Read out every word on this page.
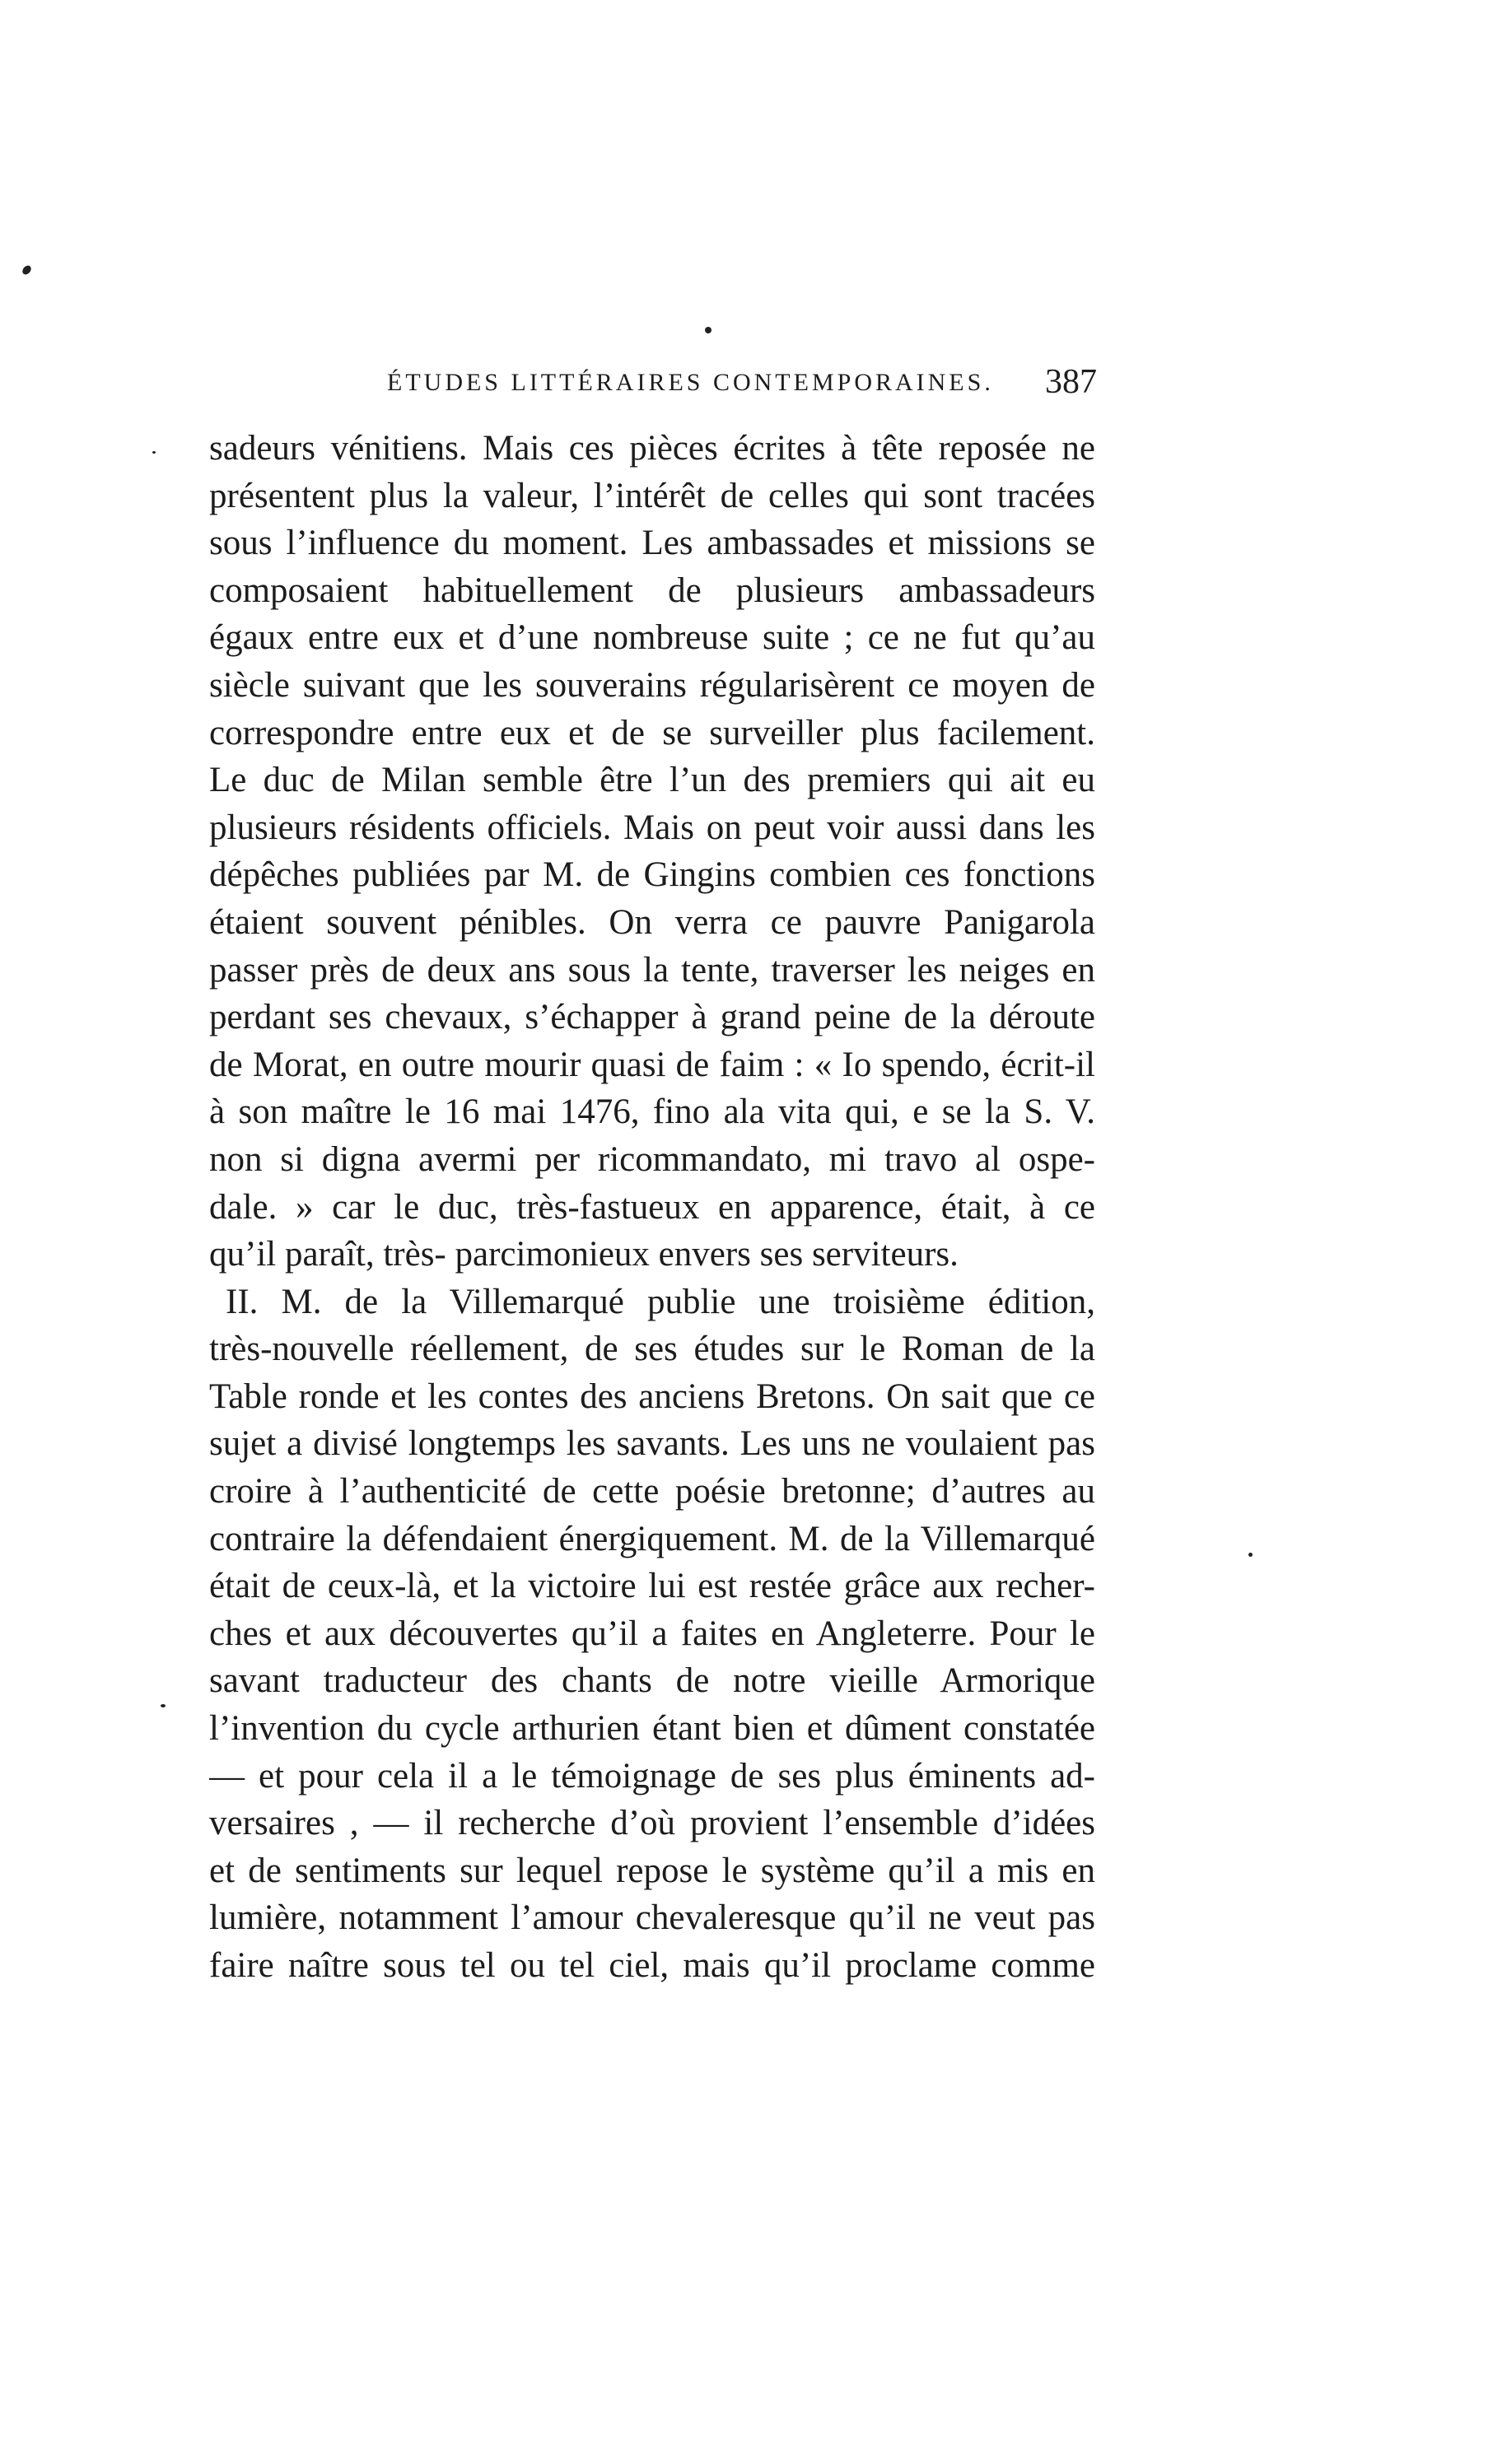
ÉTUDES LITTÉRAIRES CONTEMPORAINES. 387
sadeurs vénitiens. Mais ces pièces écrites à tête reposée ne
présentent plus la valeur, l’intérêt de celles qui sont tracées
sous l’influence du moment. Les ambassades et missions se
composaient habituellement de plusieurs ambassadeurs
égaux entre eux et d’une nombreuse suite ; ce ne fut qu’au
siècle suivant que les souverains régularisèrent ce moyen de
correspondre entre eux et de se surveiller plus facilement.
Le duc de Milan semble être l’un des premiers qui ait eu
plusieurs résidents officiels. Mais on peut voir aussi dans les
dépêches publiées par M. de Gingins combien ces fonctions
étaient souvent pénibles. On verra ce pauvre Panigarola
passer près de deux ans sous la tente, traverser les neiges en
perdant ses chevaux, s’échapper à grand peine de la déroute
de Morat, en outre mourir quasi de faim : « Io spendo, écrit-il
à son maître le 16 mai 1476, fino ala vita qui, e se la S. V.
non si digna avermi per ricommandato, mi travo al ospe-
dale. » car le duc, très-fastueux en apparence, était, à ce
qu’il paraît, très- parcimonieux envers ses serviteurs.
II. M. de la Villemarqué publie une troisième édition,
très-nouvelle réellement, de ses études sur le Roman de la
Table ronde et les contes des anciens Bretons. On sait que ce
sujet a divisé longtemps les savants. Les uns ne voulaient pas
croire à l’authenticité de cette poésie bretonne; d’autres au
contraire la défendaient énergiquement. M. de la Villemarqué
était de ceux-là, et la victoire lui est restée grâce aux recher-
ches et aux découvertes qu’il a faites en Angleterre. Pour le
savant traducteur des chants de notre vieille Armorique
l’invention du cycle arthurien étant bien et dûment constatée
— et pour cela il a le témoignage de ses plus éminents ad-
versaires , — il recherche d’où provient l’ensemble d’idées
et de sentiments sur lequel repose le système qu’il a mis en
lumière, notamment l’amour chevaleresque qu’il ne veut pas
faire naître sous tel ou tel ciel, mais qu’il proclame comme
